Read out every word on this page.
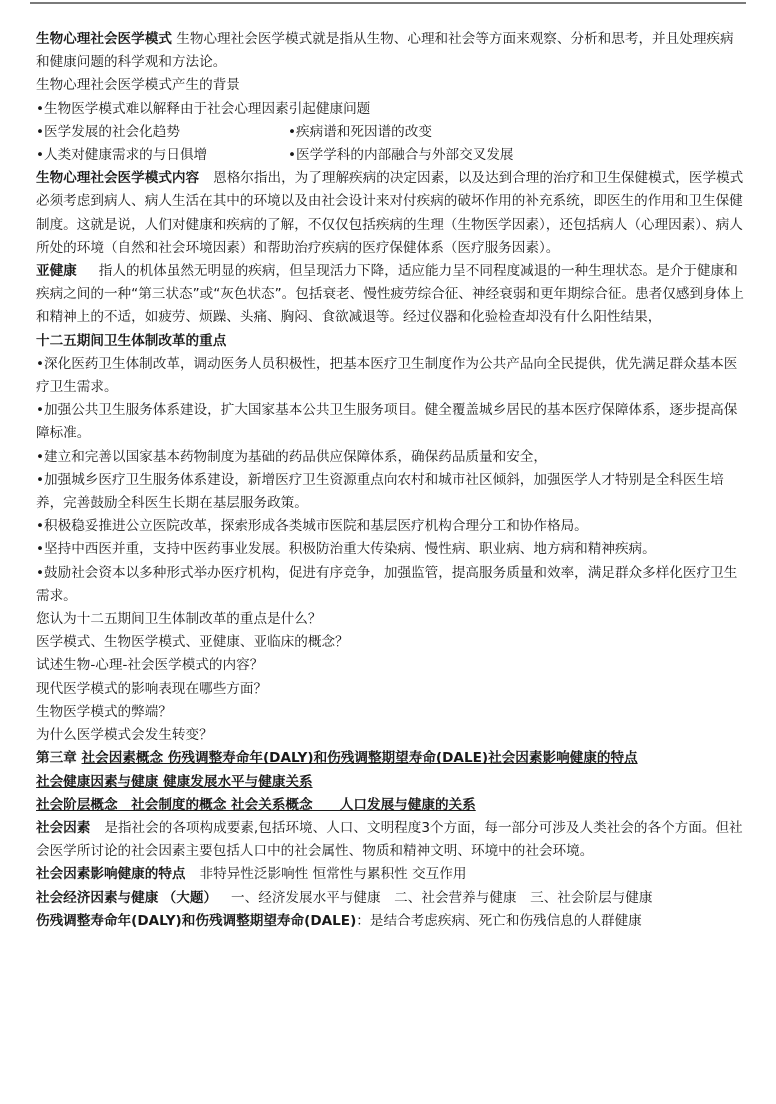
生物心理社会医学模式 生物心理社会医学模式就是指从生物、心理和社会等方面来观察、分析和思考，并且处理疾病和健康问题的科学观和方法论。

生物心理社会医学模式产生的背景

•生物医学模式难以解释由于社会心理因素引起健康问题

•医学发展的社会化趋势	•疾病谱和死因谱的改变
•人类对健康需求的与日俱增	•医学学科的内部融合与外部交叉发展

生物心理社会医学模式内容 恩格尔指出，为了理解疾病的决定因素，以及达到合理的治疗和卫生保健模式，医学模式必须考虑到病人、病人生活在其中的环境以及由社会设计来对付疾病的破坏作用的补充系统，即医生的作用和卫生保健制度。这就是说，人们对健康和疾病的了解，不仅仅包括疾病的生理（生物医学因素），还包括病人（心理因素）、病人所处的环境（自然和社会环境因素）和帮助治疗疾病的医疗保健体系（医疗服务因素）。

亚健康 指人的机体虽然无明显的疾病，但呈现活力下降，适应能力呈不同程度减退的一种生理状态。是介于健康和疾病之间的一种“第三状态”或“灰色状态”。包括衰老、慢性疲劳综合征、神经衰弱和更年期综合征。患者仅感到身体上和精神上的不适，如疲劳、烦躁、头痛、胸闷、食欲减退等。经过仪器和化验检查却没有什么阳性结果，

十二五期间卫生体制改革的重点

•深化医药卫生体制改革，调动医务人员积极性，把基本医疗卫生制度作为公共产品向全民提供，优先满足群众基本医疗卫生需求。

•加强公共卫生服务体系建设，扩大国家基本公共卫生服务项目。健全覆盖城乡居民的基本医疗保障体系，逐步提高保障标准。

•建立和完善以国家基本药物制度为基础的药品供应保障体系，确保药品质量和安全，

•加强城乡医疗卫生服务体系建设，新增医疗卫生资源重点向农村和城市社区倾斜，加强医学人才特别是全科医生培养，完善鼓励全科医生长期在基层服务政策。

•积极稳妥推进公立医院改革，探索形成各类城市医院和基层医疗机构合理分工和协作格局。

•坚持中西医并重，支持中医药事业发展。积极防治重大传染病、慢性病、职业病、地方病和精神疾病。

•鼓励社会资本以多种形式举办医疗机构，促进有序竞争，加强监管，提高服务质量和效率，满足群众多样化医疗卫生需求。

您认为十二五期间卫生体制改革的重点是什么？

医学模式、生物医学模式、亚健康、亚临床的概念？

试述生物-心理-社会医学模式的内容？

现代医学模式的影响表现在哪些方面？

生物医学模式的弊端？

为什么医学模式会发生转变？

第三章 社会因素概念 伤残调整寿命年(DALY)和伤残调整期望寿命(DALE)社会因素影响健康的特点

社会健康因素与健康 健康发展水平与健康关系

社会阶层概念　社会制度的概念 社会关系概念　　人口发展与健康的关系

社会因素 是指社会的各项构成要素,包括环境、人口、文明程度3个方面，每一部分可涉及人类社会的各个方面。但社会医学所讨论的社会因素主要包括人口中的社会属性、物质和精神文明、环境中的社会环境。

社会因素影响健康的特点 非特异性泛影响性 恒常性与累积性 交互作用

社会经济因素与健康 （大题） 一、经济发展水平与健康　二、社会营养与健康　三、社会阶层与健康

伤残调整寿命年(DALY)和伤残调整期望寿命(DALE)：是结合考虑疾病、死亡和伤残信息的人群健康
